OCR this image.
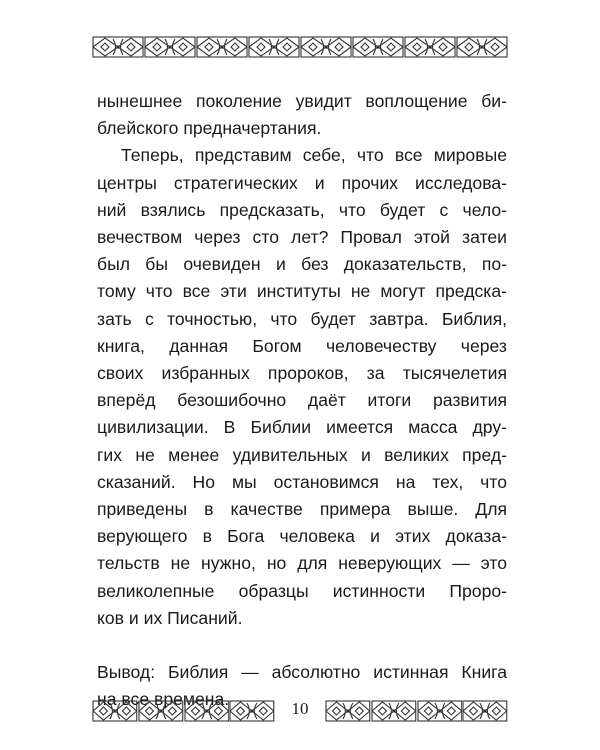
нынешнее поколение увидит воплощение би-
блейского предначертания.
Теперь, представим себе, что все мировые
центры стратегических и прочих исследова-
ний взялись предсказать, что будет с чело-
вечеством через сто лет? Провал этой затеи
был бы очевиден и без доказательств, по-
тому что все эти институты не могут предска-
зать с точностью, что будет завтра. Библия,
книга, данная Богом человечеству через
своих избранных пророков, за тысячелетия
вперёд безошибочно даёт итоги развития
цивилизации. В Библии имеется масса дру-
гих не менее удивительных и великих пред-
сказаний. Но мы остановимся на тех, что
приведены в качестве примера выше. Для
верующего в Бога человека и этих доказа-
тельств не нужно, но для неверующих — это
великолепные образцы истинности Проро-
ков и их Писаний.
Вывод: Библия — абсолютно истинная Книга
на все времена.	10
